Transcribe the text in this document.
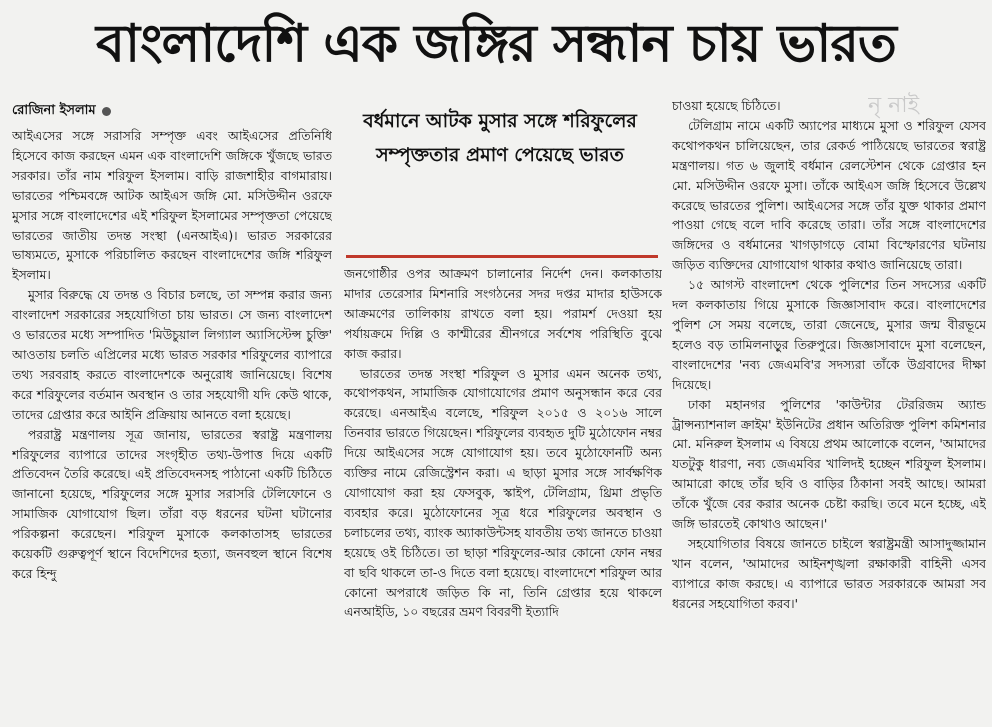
বাংলাদেশি এক জঙ্গির সন্ধান চায় ভারত
নৃ নাই
রোজিনা ইসলাম

আইএসের সঙ্গে সরাসরি সম্পৃক্ত এবং আইএসের প্রতিনিধি হিসেবে কাজ করছেন এমন এক বাংলাদেশি জঙ্গিকে খুঁজছে ভারত সরকার। তাঁর নাম শরিফুল ইসলাম। বাড়ি রাজশাহীর বাগমারায়। ভারতের পশ্চিমবঙ্গে আটক আইএস জঙ্গি মো. মসিউদ্দীন ওরফে মুসার সঙ্গে বাংলাদেশের এই শরিফুল ইসলামের সম্পৃক্ততা পেয়েছে ভারতের জাতীয় তদন্ত সংস্থা (এনআইএ)। ভারত সরকারের ভাষ্যমতে, মুসাকে পরিচালিত করছেন বাংলাদেশের জঙ্গি শরিফুল ইসলাম।

মুসার বিরুদ্ধে যে তদন্ত ও বিচার চলছে, তা সম্পন্ন করার জন্য বাংলাদেশ সরকারের সহযোগিতা চায় ভারত। সে জন্য বাংলাদেশ ও ভারতের মধ্যে সম্পাদিত 'মিউচুয়াল লিগ্যাল অ্যাসিস্টেন্স চুক্তি' আওতায় চলতি এপ্রিলের মধ্যে ভারত সরকার শরিফুলের ব্যাপারে তথ্য সরবরাহ করতে বাংলাদেশকে অনুরোধ জানিয়েছে। বিশেষ করে শরিফুলের বর্তমান অবস্থান ও তার সহযোগী যদি কেউ থাকে, তাদের গ্রেপ্তার করে আইনি প্রক্রিয়ায় আনতে বলা হয়েছে।

পররাষ্ট্র মন্ত্রণালয় সূত্র জানায়, ভারতের স্বরাষ্ট্র মন্ত্রণালয় শরিফুলের ব্যাপারে তাদের সংগৃহীত তথ্য-উপাত্ত দিয়ে একটি প্রতিবেদন তৈরি করেছে। এই প্রতিবেদনসহ পাঠানো একটি চিঠিতে জানানো হয়েছে, শরিফুলের সঙ্গে মুসার সরাসরি টেলিফোনে ও সামাজিক যোগাযোগ ছিল। তাঁরা বড় ধরনের ঘটনা ঘটানোর পরিকল্পনা করেছেন। শরিফুল মুসাকে কলকাতাসহ ভারতের কয়েকটি গুরুত্বপূর্ণ স্থানে বিদেশিদের হত্যা, জনবহুল স্থানে বিশেষ করে হিন্দু

বর্ধমানে আটক মুসার সঙ্গে শরিফুলের সম্পৃক্ততার প্রমাণ পেয়েছে ভারত

জনগোষ্ঠীর ওপর আক্রমণ চালানোর নির্দেশ দেন। কলকাতায় মাদার তেরেসার মিশনারি সংগঠনের সদর দপ্তর মাদার হাউসকে আক্রমণের তালিকায় রাখতে বলা হয়। পরামর্শ দেওয়া হয় পর্যায়ক্রমে দিল্লি ও কাশ্মীরের শ্রীনগরে সর্বশেষ পরিস্থিতি বুঝে কাজ করার।

ভারতের তদন্ত সংস্থা শরিফুল ও মুসার এমন অনেক তথ্য, কথোপকথন, সামাজিক যোগাযোগের প্রমাণ অনুসন্ধান করে বের করেছে। এনআইএ বলেছে, শরিফুল ২০১৫ ও ২০১৬ সালে তিনবার ভারতে গিয়েছেন। শরিফুলের ব্যবহৃত দুটি মুঠোফোন নম্বর দিয়ে আইএসের সঙ্গে যোগাযোগ হয়। তবে মুঠোফোনটি অন্য ব্যক্তির নামে রেজিস্ট্রেশন করা। এ ছাড়া মুসার সঙ্গে সার্বক্ষণিক যোগাযোগ করা হয় ফেসবুক, স্কাইপ, টেলিগ্রাম, থ্রিমা প্রভৃতি ব্যবহার করে। মুঠোফোনের সূত্র ধরে শরিফুলের অবস্থান ও চলাচলের তথ্য, ব্যাংক অ্যাকাউন্টসহ যাবতীয় তথ্য জানতে চাওয়া হয়েছে ওই চিঠিতে। তা ছাড়া শরিফুলের-আর কোনো ফোন নম্বর বা ছবি থাকলে তা-ও দিতে বলা হয়েছে। বাংলাদেশে শরিফুল আর কোনো অপরাধে জড়িত কি না, তিনি গ্রেপ্তার হয়ে থাকলে এনআইডি, ১০ বছরের ভ্রমণ বিবরণী ইত্যাদি

চাওয়া হয়েছে চিঠিতে।

টেলিগ্রাম নামে একটি অ্যাপের মাধ্যমে মুসা ও শরিফুল যেসব কথোপকথন চালিয়েছেন, তার রেকর্ড পাঠিয়েছে ভারতের স্বরাষ্ট্র মন্ত্রণালয়। গত ৬ জুলাই বর্ধমান রেলস্টেশন থেকে গ্রেপ্তার হন মো. মসিউদ্দীন ওরফে মুসা। তাঁকে আইএস জঙ্গি হিসেবে উল্লেখ করেছে ভারতের পুলিশ। আইএসের সঙ্গে তাঁর যুক্ত থাকার প্রমাণ পাওয়া গেছে বলে দাবি করেছে তারা। তাঁর সঙ্গে বাংলাদেশের জঙ্গিদের ও বর্ধমানের খাগড়াগড়ে বোমা বিস্ফোরণের ঘটনায় জড়িত ব্যক্তিদের যোগাযোগ থাকার কথাও জানিয়েছে তারা।

১৫ আগস্ট বাংলাদেশ থেকে পুলিশের তিন সদস্যের একটি দল কলকাতায় গিয়ে মুসাকে জিজ্ঞাসাবাদ করে। বাংলাদেশের পুলিশ সে সময় বলেছে, তারা জেনেছে, মুসার জন্ম বীরভূমে হলেও বড় তামিলনাড়ুর তিরুপুরে। জিজ্ঞাসাবাদে মুসা বলেছেন, বাংলাদেশের 'নব্য জেএমবি'র সদস্যরা তাঁকে উগ্রবাদের দীক্ষা দিয়েছে।

ঢাকা মহানগর পুলিশের 'কাউন্টার টেররিজম অ্যান্ড ট্রান্সন্যাশনাল ক্রাইম' ইউনিটের প্রধান অতিরিক্ত পুলিশ কমিশনার মো. মনিরুল ইসলাম এ বিষয়ে প্রথম আলোকে বলেন, 'আমাদের যতটুকু ধারণা, নব্য জেএমবির খালিদই হচ্ছেন শরিফুল ইসলাম। আমারো কাছে তাঁর ছবি ও বাড়ির ঠিকানা সবই আছে। আমরা তাঁকে খুঁজে বের করার অনেক চেষ্টা করছি। তবে মনে হচ্ছে, এই জঙ্গি ভারতেই কোথাও আছেন।'

সহযোগিতার বিষয়ে জানতে চাইলে স্বরাষ্ট্রমন্ত্রী আসাদুজ্জামান খান বলেন, 'আমাদের আইনশৃঙ্খলা রক্ষাকারী বাহিনী এসব ব্যাপারে কাজ করছে। এ ব্যাপারে ভারত সরকারকে আমরা সব ধরনের সহযোগিতা করব।'
